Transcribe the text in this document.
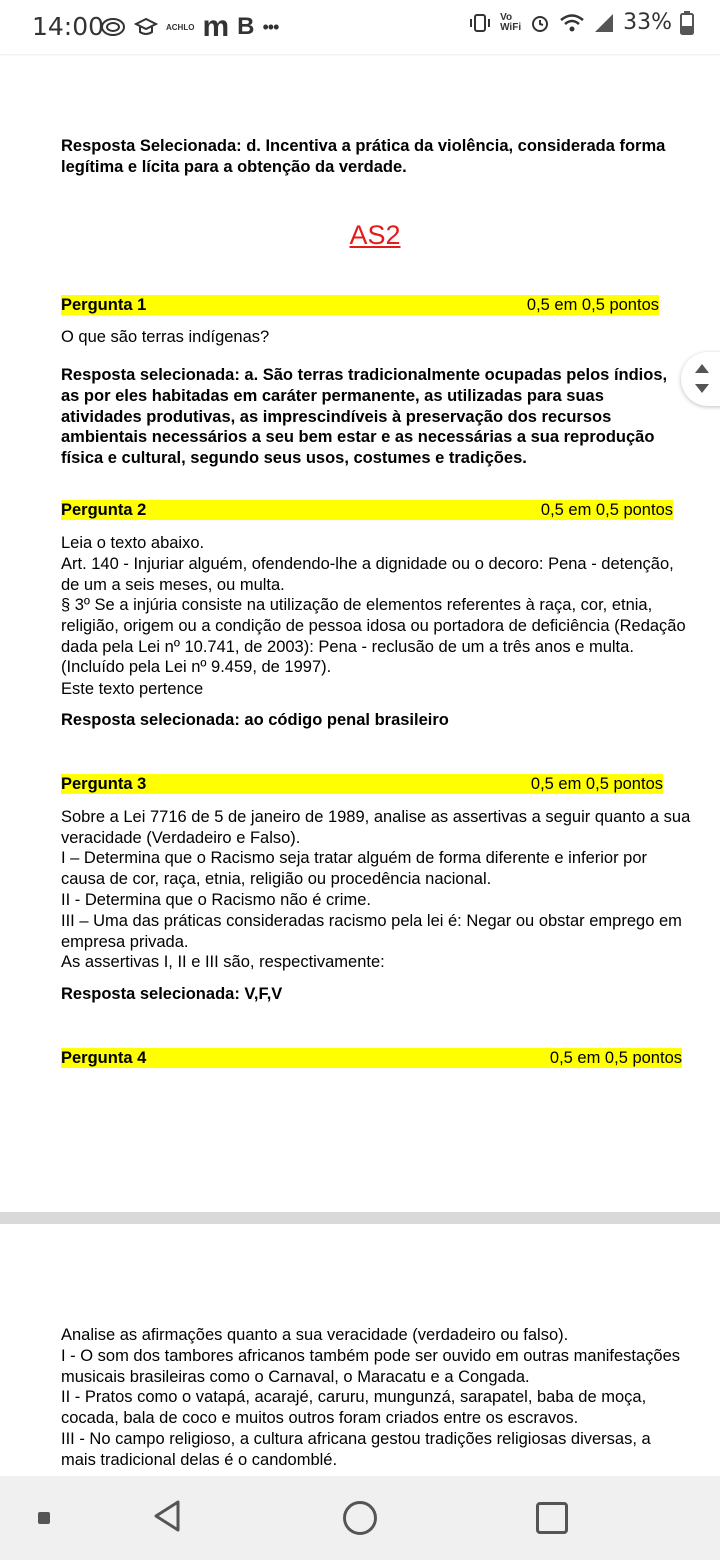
14:00	ACHLO m B •••	Vo
WiFi	33%
Resposta Selecionada: d. Incentiva a prática da violência, considerada forma legítima e lícita para a obtenção da verdade.
AS2
Pergunta 1	0,5 em 0,5 pontos
O que são terras indígenas?
Resposta selecionada: a. São terras tradicionalmente ocupadas pelos índios, as por eles habitadas em caráter permanente, as utilizadas para suas atividades produtivas, as imprescindíveis à preservação dos recursos ambientais necessários a seu bem estar e as necessárias a sua reprodução física e cultural, segundo seus usos, costumes e tradições.
Pergunta 2	0,5 em 0,5 pontos
Leia o texto abaixo.
Art. 140 - Injuriar alguém, ofendendo-lhe a dignidade ou o decoro: Pena - detenção, de um a seis meses, ou multa.
§ 3º Se a injúria consiste na utilização de elementos referentes à raça, cor, etnia, religião, origem ou a condição de pessoa idosa ou portadora de deficiência (Redação dada pela Lei nº 10.741, de 2003): Pena - reclusão de um a três anos e multa. (Incluído pela Lei nº 9.459, de 1997).
Este texto pertence
Resposta selecionada: ao código penal brasileiro
Pergunta 3	0,5 em 0,5 pontos
Sobre a Lei 7716 de 5 de janeiro de 1989, analise as assertivas a seguir quanto a sua veracidade (Verdadeiro e Falso).
I – Determina que o Racismo seja tratar alguém de forma diferente e inferior por causa de cor, raça, etnia, religião ou procedência nacional.
II - Determina que o Racismo não é crime.
III – Uma das práticas consideradas racismo pela lei é: Negar ou obstar emprego em empresa privada.
As assertivas I, II e III são, respectivamente:
Resposta selecionada: V,F,V
Pergunta 4	0,5 em 0,5 pontos
Analise as afirmações quanto a sua veracidade (verdadeiro ou falso).
I - O som dos tambores africanos também pode ser ouvido em outras manifestações musicais brasileiras como o Carnaval, o Maracatu e a Congada.
II - Pratos como o vatapá, acarajé, caruru, mungunzá, sarapatel, baba de moça, cocada, bala de coco e muitos outros foram criados entre os escravos.
III - No campo religioso, a cultura africana gestou tradições religiosas diversas, a mais tradicional delas é o candomblé.
